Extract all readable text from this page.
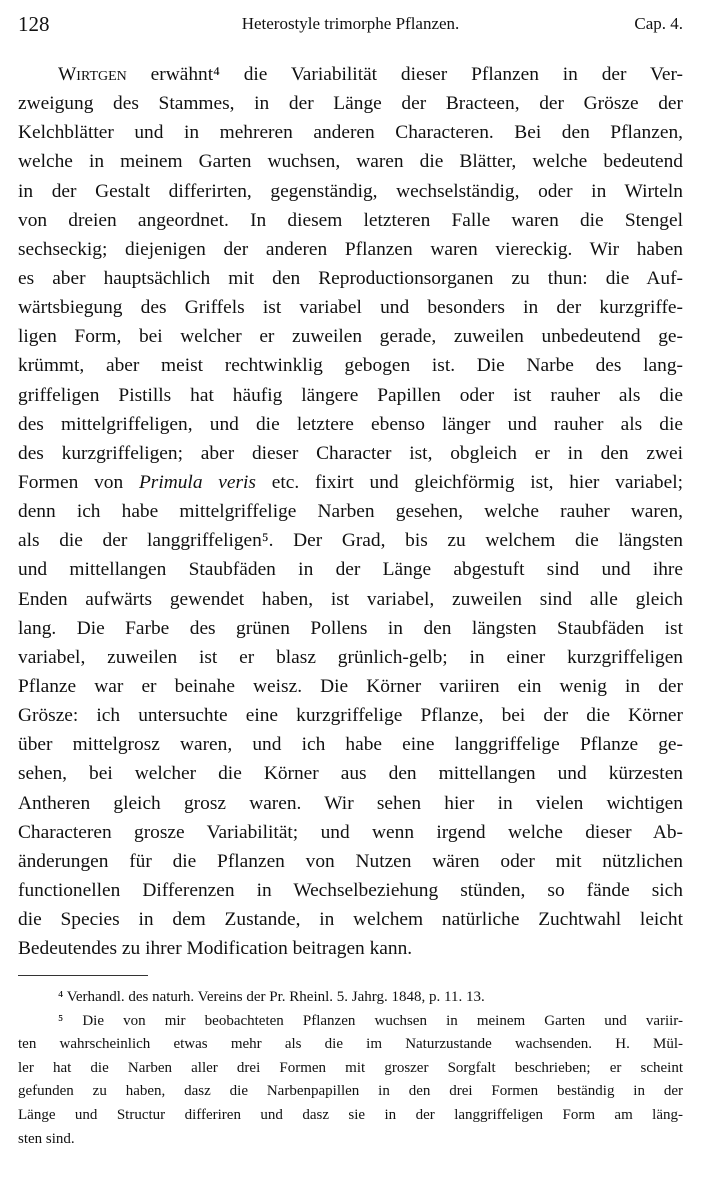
128	Heterostyle trimorphe Pflanzen.	Cap. 4.
Wirtgen erwähnt⁴ die Variabilität dieser Pflanzen in der Ver-
zweigung des Stammes, in der Länge der Bracteen, der Grösze der
Kelchblätter und in mehreren anderen Characteren. Bei den Pflanzen,
welche in meinem Garten wuchsen, waren die Blätter, welche bedeutend
in der Gestalt differirten, gegenständig, wechselständig, oder in Wirteln
von dreien angeordnet. In diesem letzteren Falle waren die Stengel
sechseckig; diejenigen der anderen Pflanzen waren viereckig. Wir haben
es aber hauptsächlich mit den Reproductionsorganen zu thun: die Auf-
wärtsbiegung des Griffels ist variabel und besonders in der kurzgriffe-
ligen Form, bei welcher er zuweilen gerade, zuweilen unbedeutend ge-
krümmt, aber meist rechtwinklig gebogen ist. Die Narbe des lang-
griffeligen Pistills hat häufig längere Papillen oder ist rauher als die
des mittelgriffeligen, und die letztere ebenso länger und rauher als die
des kurzgriffeligen; aber dieser Character ist, obgleich er in den zwei
Formen von Primula veris etc. fixirt und gleichförmig ist, hier variabel;
denn ich habe mittelgriffelige Narben gesehen, welche rauher waren,
als die der langgriffeligen⁵. Der Grad, bis zu welchem die längsten
und mittellangen Staubfäden in der Länge abgestuft sind und ihre
Enden aufwärts gewendet haben, ist variabel, zuweilen sind alle gleich
lang. Die Farbe des grünen Pollens in den längsten Staubfäden ist
variabel, zuweilen ist er blasz grünlich-gelb; in einer kurzgriffeligen
Pflanze war er beinahe weisz. Die Körner variiren ein wenig in der
Grösze: ich untersuchte eine kurzgriffelige Pflanze, bei der die Körner
über mittelgrosz waren, und ich habe eine langgriffelige Pflanze ge-
sehen, bei welcher die Körner aus den mittellangen und kürzesten
Antheren gleich grosz waren. Wir sehen hier in vielen wichtigen
Characteren grosze Variabilität; und wenn irgend welche dieser Ab-
änderungen für die Pflanzen von Nutzen wären oder mit nützlichen
functionellen Differenzen in Wechselbeziehung stünden, so fände sich
die Species in dem Zustande, in welchem natürliche Zuchtwahl leicht
Bedeutendes zu ihrer Modification beitragen kann.
⁴ Verhandl. des naturh. Vereins der Pr. Rheinl. 5. Jahrg. 1848, p. 11. 13.
⁵ Die von mir beobachteten Pflanzen wuchsen in meinem Garten und variir-
ten wahrscheinlich etwas mehr als die im Naturzustande wachsenden. H. Mül-
ler hat die Narben aller drei Formen mit groszer Sorgfalt beschrieben; er scheint
gefunden zu haben, dasz die Narbenpapillen in den drei Formen beständig in der
Länge und Structur differiren und dasz sie in der langgriffeligen Form am läng-
sten sind.
